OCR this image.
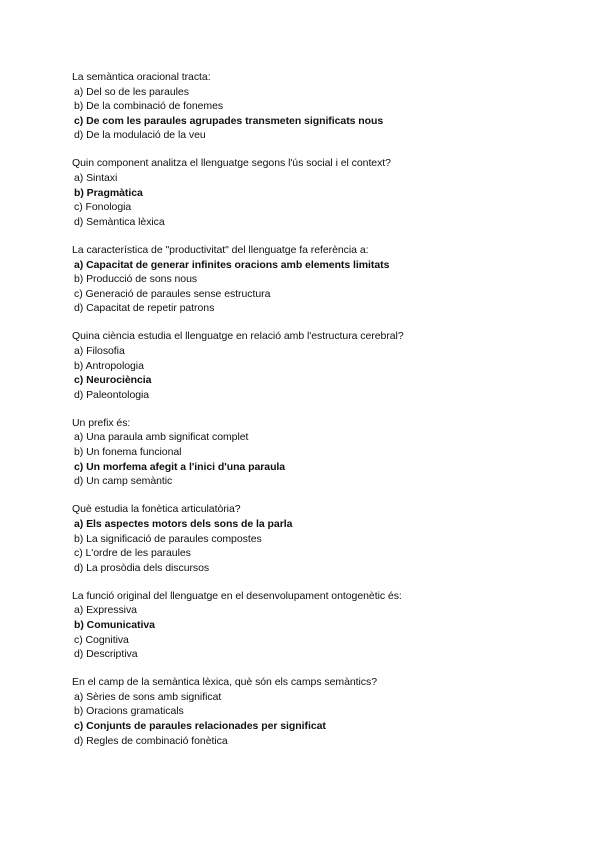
La semàntica oracional tracta:
a) Del so de les paraules
b) De la combinació de fonemes
c) De com les paraules agrupades transmeten significats nous
d) De la modulació de la veu
Quin component analitza el llenguatge segons l'ús social i el context?
a) Sintaxi
b) Pragmàtica
c) Fonologia
d) Semàntica lèxica
La característica de "productivitat" del llenguatge fa referència a:
a) Capacitat de generar infinites oracions amb elements limitats
b) Producció de sons nous
c) Generació de paraules sense estructura
d) Capacitat de repetir patrons
Quina ciència estudia el llenguatge en relació amb l'estructura cerebral?
a) Filosofia
b) Antropologia
c) Neurociència
d) Paleontologia
Un prefix és:
a) Una paraula amb significat complet
b) Un fonema funcional
c) Un morfema afegit a l'inici d'una paraula
d) Un camp semàntic
Què estudia la fonètica articulatòria?
a) Els aspectes motors dels sons de la parla
b) La significació de paraules compostes
c) L'ordre de les paraules
d) La prosòdia dels discursos
La funció original del llenguatge en el desenvolupament ontogenètic és:
a) Expressiva
b) Comunicativa
c) Cognitiva
d) Descriptiva
En el camp de la semàntica lèxica, què són els camps semàntics?
a) Sèries de sons amb significat
b) Oracions gramaticals
c) Conjunts de paraules relacionades per significat
d) Regles de combinació fonètica
